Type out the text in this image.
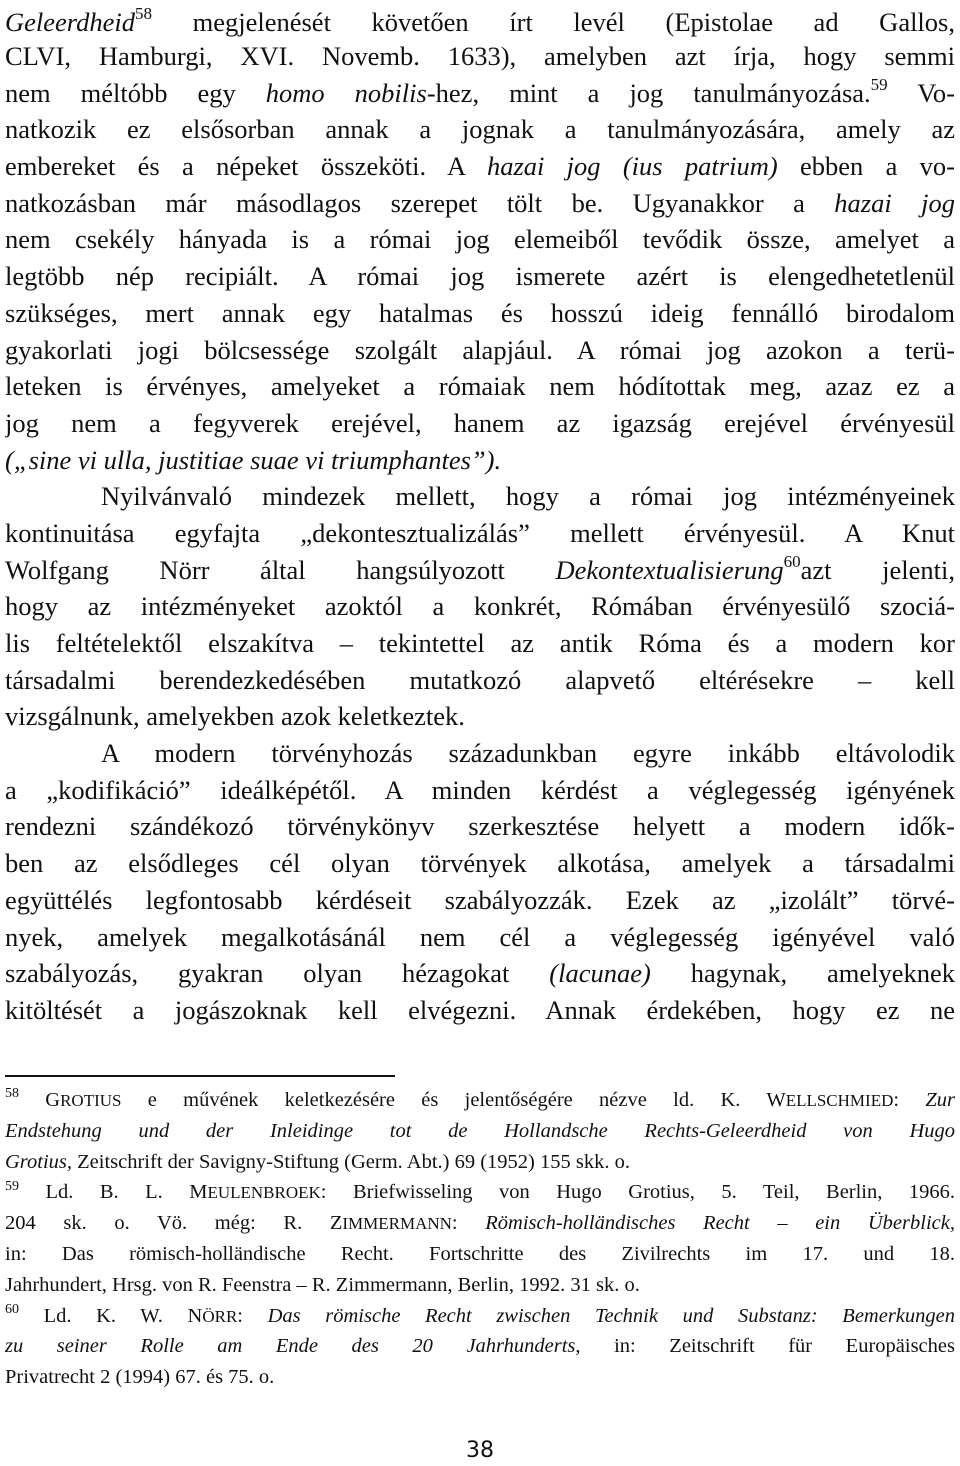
Geleerdheid$^{58}$ megjelenését követően írt levél (Epistolae ad Gallos,
CLVI, Hamburgi, XVI. Novemb. 1633), amelyben azt írja, hogy semmi
nem méltóbb egy homo nobilis-hez, mint a jog tanulmányozása.$^{59}$ Vo-
natkozik ez elsősorban annak a jognak a tanulmányozására, amely az
embereket és a népeket összeköti. A hazai jog (ius patrium) ebben a vo-
natkozásban már másodlagos szerepet tölt be. Ugyanakkor a hazai jog
nem csekély hányada is a római jog elemeiből tevődik össze, amelyet a
legtöbb nép recipiált. A római jog ismerete azért is elengedhetetlenül
szükséges, mert annak egy hatalmas és hosszú ideig fennálló birodalom
gyakorlati jogi bölcsessége szolgált alapjául. A római jog azokon a terü-
leteken is érvényes, amelyeket a rómaiak nem hódítottak meg, azaz ez a
jog nem a fegyverek erejével, hanem az igazság erejével érvényesül
(„sine vi ulla, justitiae suae vi triumphantes”).
Nyilvánvaló mindezek mellett, hogy a római jog intézményeinek
kontinuitása egyfajta „dekontesztualizálás” mellett érvényesül. A Knut
Wolfgang Nörr által hangsúlyozott Dekontextualisierung$^{60}$azt jelenti,
hogy az intézményeket azoktól a konkrét, Rómában érvényesülő szociá-
lis feltételektől elszakítva – tekintettel az antik Róma és a modern kor
társadalmi berendezkedésében mutatkozó alapvető eltérésekre – kell
vizsgálnunk, amelyekben azok keletkeztek.
A modern törvényhozás századunkban egyre inkább eltávolodik
a „kodifikáció” ideálképétől. A minden kérdést a véglegesség igényének
rendezni szándékozó törvénykönyv szerkesztése helyett a modern idők-
ben az elsődleges cél olyan törvények alkotása, amelyek a társadalmi
együttélés legfontosabb kérdéseit szabályozzák. Ezek az „izolált” törvé-
nyek, amelyek megalkotásánál nem cél a véglegesség igényével való
szabályozás, gyakran olyan hézagokat (lacunae) hagynak, amelyeknek
kitöltését a jogászoknak kell elvégezni. Annak érdekében, hogy ez ne
$^{58}$ GROTIUS e művének keletkezésére és jelentőségére nézve ld. K. WELLSCHMIED: Zur
Endstehung und der Inleidinge tot de Hollandsche Rechts-Geleerdheid von Hugo
Grotius, Zeitschrift der Savigny-Stiftung (Germ. Abt.) 69 (1952) 155 skk. o.
$^{59}$ Ld. B. L. MEULENBROEK: Briefwisseling von Hugo Grotius, 5. Teil, Berlin, 1966.
204 sk. o. Vö. még: R. ZIMMERMANN: Römisch-holländisches Recht – ein Überblick,
in: Das römisch-holländische Recht. Fortschritte des Zivilrechts im 17. und 18.
Jahrhundert, Hrsg. von R. Feenstra – R. Zimmermann, Berlin, 1992. 31 sk. o.
$^{60}$ Ld. K. W. NÖRR: Das römische Recht zwischen Technik und Substanz: Bemerkungen
zu seiner Rolle am Ende des 20 Jahrhunderts, in: Zeitschrift für Europäisches
Privatrecht 2 (1994) 67. és 75. o.
38
